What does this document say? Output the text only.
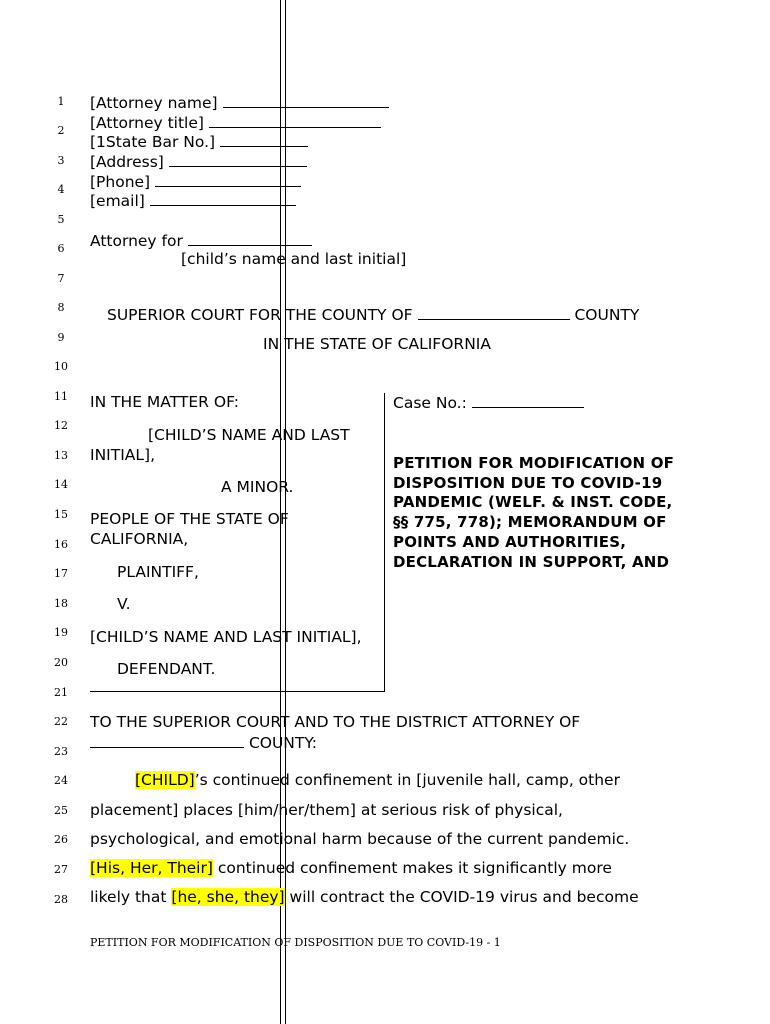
1
2
3
4
5
6
7
8
9
10
11
12
13
14
15
16
17
18
19
20
21
22
23
24
25
26
27
28
[Attorney name]
[Attorney title]
[1State Bar No.]
[Address]
[Phone]
[email]
Attorney for
[child’s name and last initial]
SUPERIOR COURT FOR THE COUNTY OF	COUNTY
IN THE STATE OF CALIFORNIA
IN THE MATTER OF:
[CHILD’S NAME AND LAST
INITIAL],
A MINOR.
PEOPLE OF THE STATE OF
CALIFORNIA,
PLAINTIFF,
V.
[CHILD’S NAME AND LAST INITIAL],
DEFENDANT.
Case No.:
PETITION FOR MODIFICATION OF DISPOSITION DUE TO COVID-19 PANDEMIC (WELF. & INST. CODE, §§ 775, 778); MEMORANDUM OF POINTS AND AUTHORITIES, DECLARATION IN SUPPORT, AND
TO THE SUPERIOR COURT AND TO THE DISTRICT ATTORNEY OF
COUNTY:
[CHILD]’s continued confinement in [juvenile hall, camp, other
placement] places [him/her/them] at serious risk of physical,
psychological, and emotional harm because of the current pandemic.
[His, Her, Their] continued confinement makes it significantly more
likely that [he, she, they] will contract the COVID-19 virus and become
PETITION FOR MODIFICATION OF DISPOSITION DUE TO COVID-19 - 1
